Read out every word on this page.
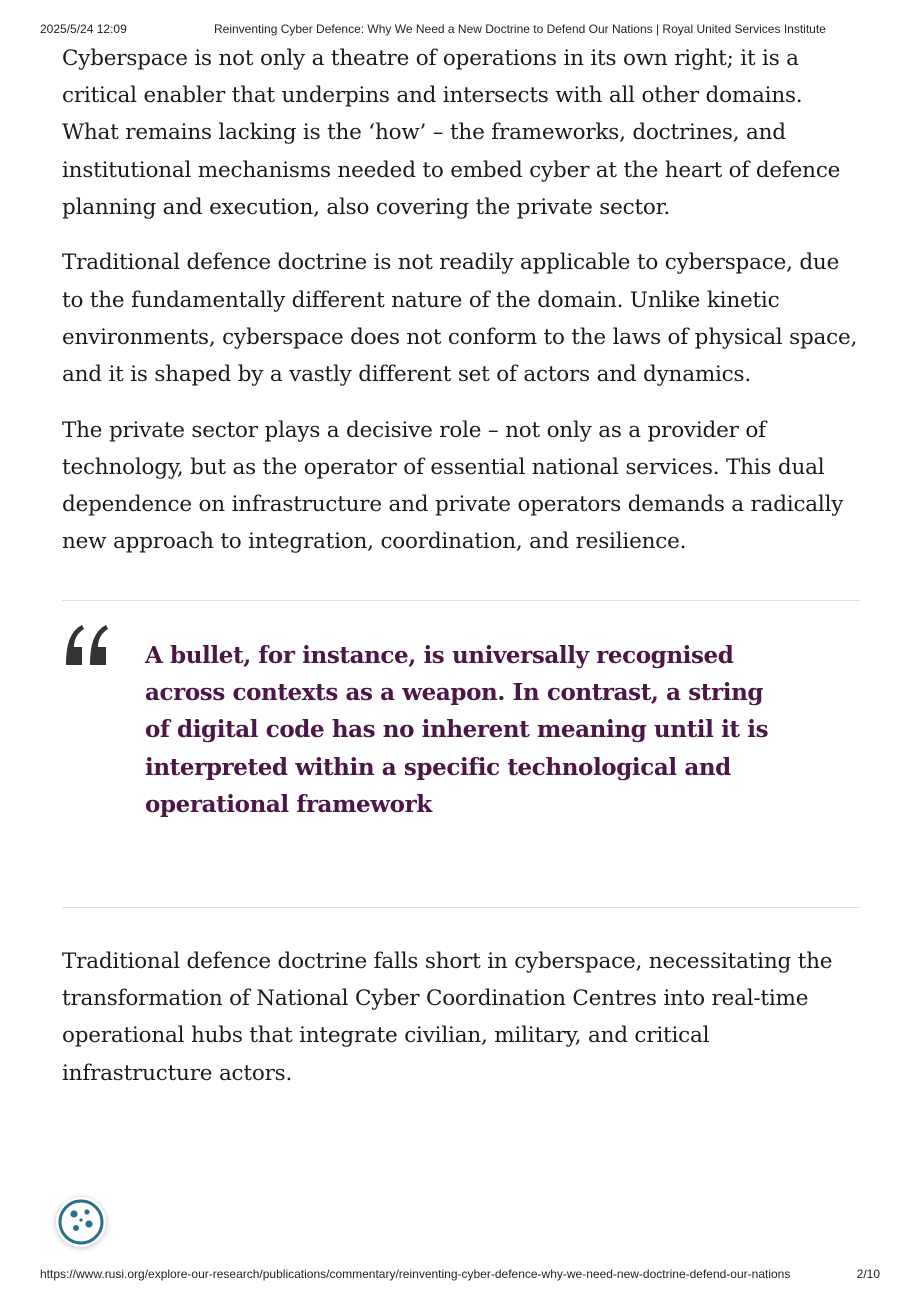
2025/5/24 12:09	Reinventing Cyber Defence: Why We Need a New Doctrine to Defend Our Nations | Royal United Services Institute

Cyberspace is not only a theatre of operations in its own right; it is a critical enabler that underpins and intersects with all other domains. What remains lacking is the ‘how’ – the frameworks, doctrines, and institutional mechanisms needed to embed cyber at the heart of defence planning and execution, also covering the private sector.

Traditional defence doctrine is not readily applicable to cyberspace, due to the fundamentally different nature of the domain. Unlike kinetic environments, cyberspace does not conform to the laws of physical space, and it is shaped by a vastly different set of actors and dynamics.

The private sector plays a decisive role – not only as a provider of technology, but as the operator of essential national services. This dual dependence on infrastructure and private operators demands a radically new approach to integration, coordination, and resilience.

A bullet, for instance, is universally recognised across contexts as a weapon. In contrast, a string of digital code has no inherent meaning until it is interpreted within a specific technological and operational framework
Traditional defence doctrine falls short in cyberspace, necessitating the transformation of National Cyber Coordination Centres into real-time operational hubs that integrate civilian, military, and critical infrastructure actors.
https://www.rusi.org/explore-our-research/publications/commentary/reinventing-cyber-defence-why-we-need-new-doctrine-defend-our-nations	2/10
